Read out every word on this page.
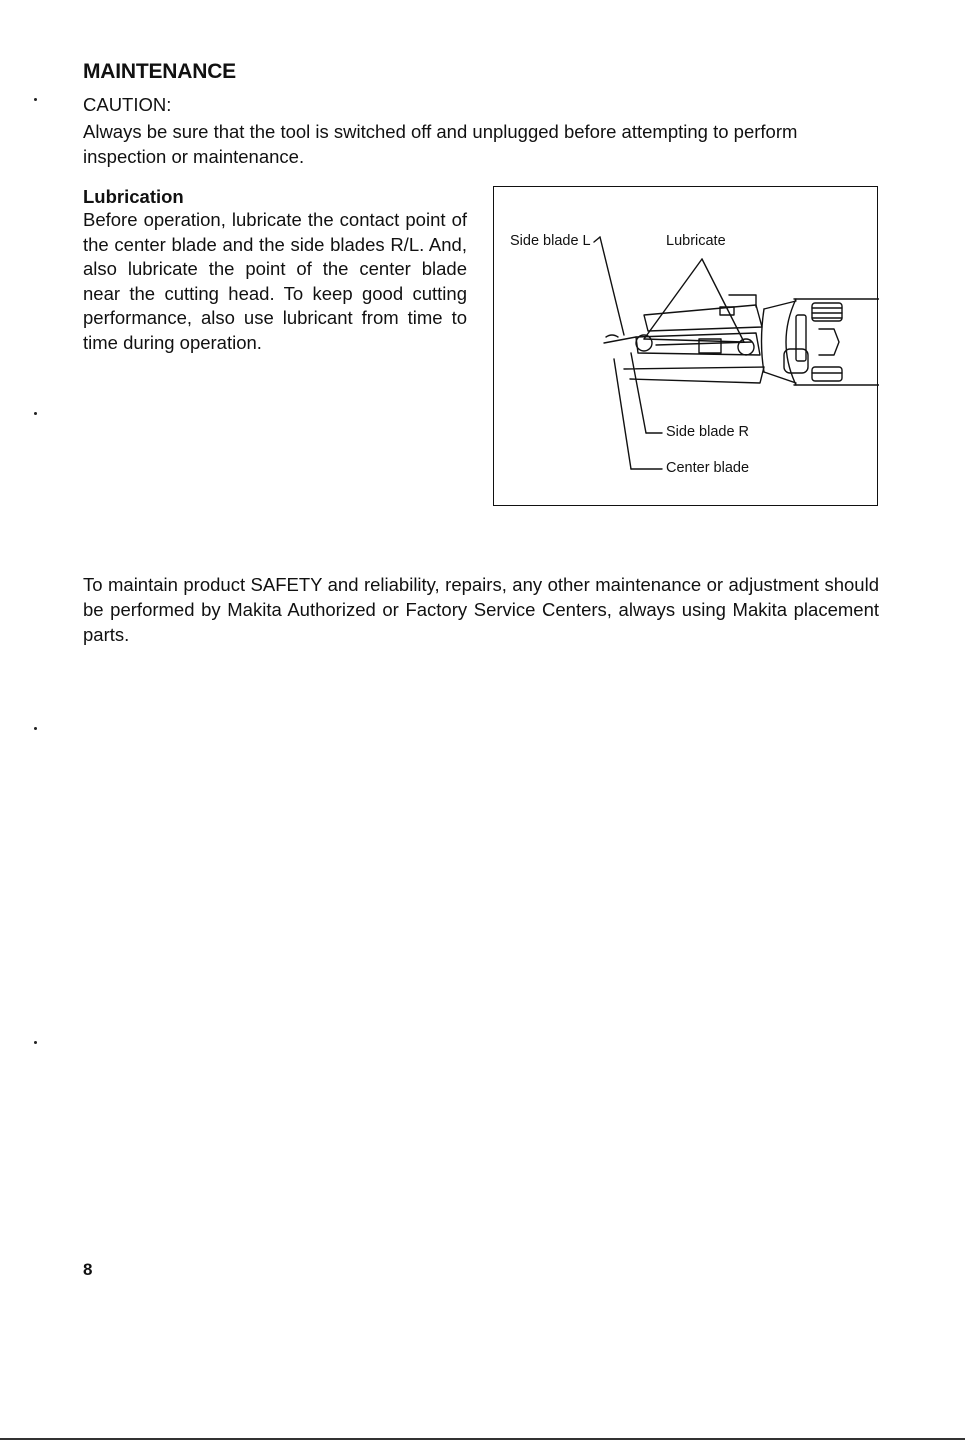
MAINTENANCE
CAUTION:

Always be sure that the tool is switched off and unplugged before attempting to perform inspection or maintenance.

Lubrication

Before operation, lubricate the contact point of the center blade and the side blades R/L. And, also lubricate the point of the center blade near the cutting head. To keep good cutting performance, also use lubricant from time to time during operation.

Side blade L	Lubricate
Side blade R
Center blade

To maintain product SAFETY and reliability, repairs, any other maintenance or adjustment should be performed by Makita Authorized or Factory Service Centers, always using Makita placement parts.

8
